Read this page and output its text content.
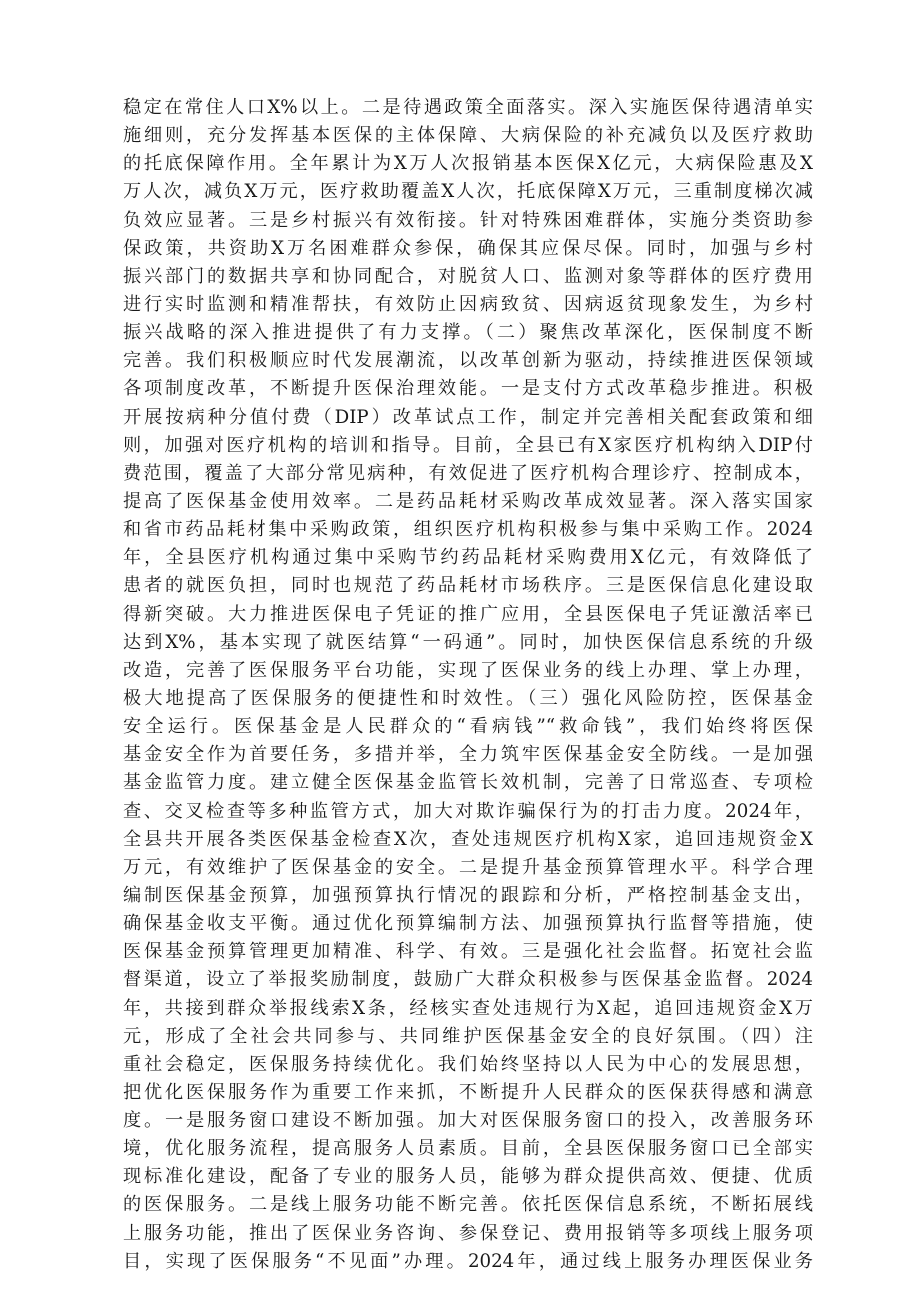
稳定在常住人口X%以上。二是待遇政策全面落实。深入实施医保待遇清单实
施细则，充分发挥基本医保的主体保障、大病保险的补充减负以及医疗救助
的托底保障作用。全年累计为X万人次报销基本医保X亿元，大病保险惠及X
万人次，减负X万元，医疗救助覆盖X人次，托底保障X万元，三重制度梯次减
负效应显著。三是乡村振兴有效衔接。针对特殊困难群体，实施分类资助参
保政策，共资助X万名困难群众参保，确保其应保尽保。同时，加强与乡村
振兴部门的数据共享和协同配合，对脱贫人口、监测对象等群体的医疗费用
进行实时监测和精准帮扶，有效防止因病致贫、因病返贫现象发生，为乡村
振兴战略的深入推进提供了有力支撑。（二）聚焦改革深化，医保制度不断
完善。我们积极顺应时代发展潮流，以改革创新为驱动，持续推进医保领域
各项制度改革，不断提升医保治理效能。一是支付方式改革稳步推进。积极
开展按病种分值付费（DIP）改革试点工作，制定并完善相关配套政策和细
则，加强对医疗机构的培训和指导。目前，全县已有X家医疗机构纳入DIP付
费范围，覆盖了大部分常见病种，有效促进了医疗机构合理诊疗、控制成本，
提高了医保基金使用效率。二是药品耗材采购改革成效显著。深入落实国家
和省市药品耗材集中采购政策，组织医疗机构积极参与集中采购工作。2024
年，全县医疗机构通过集中采购节约药品耗材采购费用X亿元，有效降低了
患者的就医负担，同时也规范了药品耗材市场秩序。三是医保信息化建设取
得新突破。大力推进医保电子凭证的推广应用，全县医保电子凭证激活率已
达到X%，基本实现了就医结算“一码通”。同时，加快医保信息系统的升级
改造，完善了医保服务平台功能，实现了医保业务的线上办理、掌上办理，
极大地提高了医保服务的便捷性和时效性。（三）强化风险防控，医保基金
安全运行。医保基金是人民群众的“看病钱”“救命钱”，我们始终将医保
基金安全作为首要任务，多措并举，全力筑牢医保基金安全防线。一是加强
基金监管力度。建立健全医保基金监管长效机制，完善了日常巡查、专项检
查、交叉检查等多种监管方式，加大对欺诈骗保行为的打击力度。2024年，
全县共开展各类医保基金检查X次，查处违规医疗机构X家，追回违规资金X
万元，有效维护了医保基金的安全。二是提升基金预算管理水平。科学合理
编制医保基金预算，加强预算执行情况的跟踪和分析，严格控制基金支出，
确保基金收支平衡。通过优化预算编制方法、加强预算执行监督等措施，使
医保基金预算管理更加精准、科学、有效。三是强化社会监督。拓宽社会监
督渠道，设立了举报奖励制度，鼓励广大群众积极参与医保基金监督。2024
年，共接到群众举报线索X条，经核实查处违规行为X起，追回违规资金X万
元，形成了全社会共同参与、共同维护医保基金安全的良好氛围。（四）注
重社会稳定，医保服务持续优化。我们始终坚持以人民为中心的发展思想，
把优化医保服务作为重要工作来抓，不断提升人民群众的医保获得感和满意
度。一是服务窗口建设不断加强。加大对医保服务窗口的投入，改善服务环
境，优化服务流程，提高服务人员素质。目前，全县医保服务窗口已全部实
现标准化建设，配备了专业的服务人员，能够为群众提供高效、便捷、优质
的医保服务。二是线上服务功能不断完善。依托医保信息系统，不断拓展线
上服务功能，推出了医保业务咨询、参保登记、费用报销等多项线上服务项
目，实现了医保服务“不见面”办理。2024年，通过线上服务办理医保业务
